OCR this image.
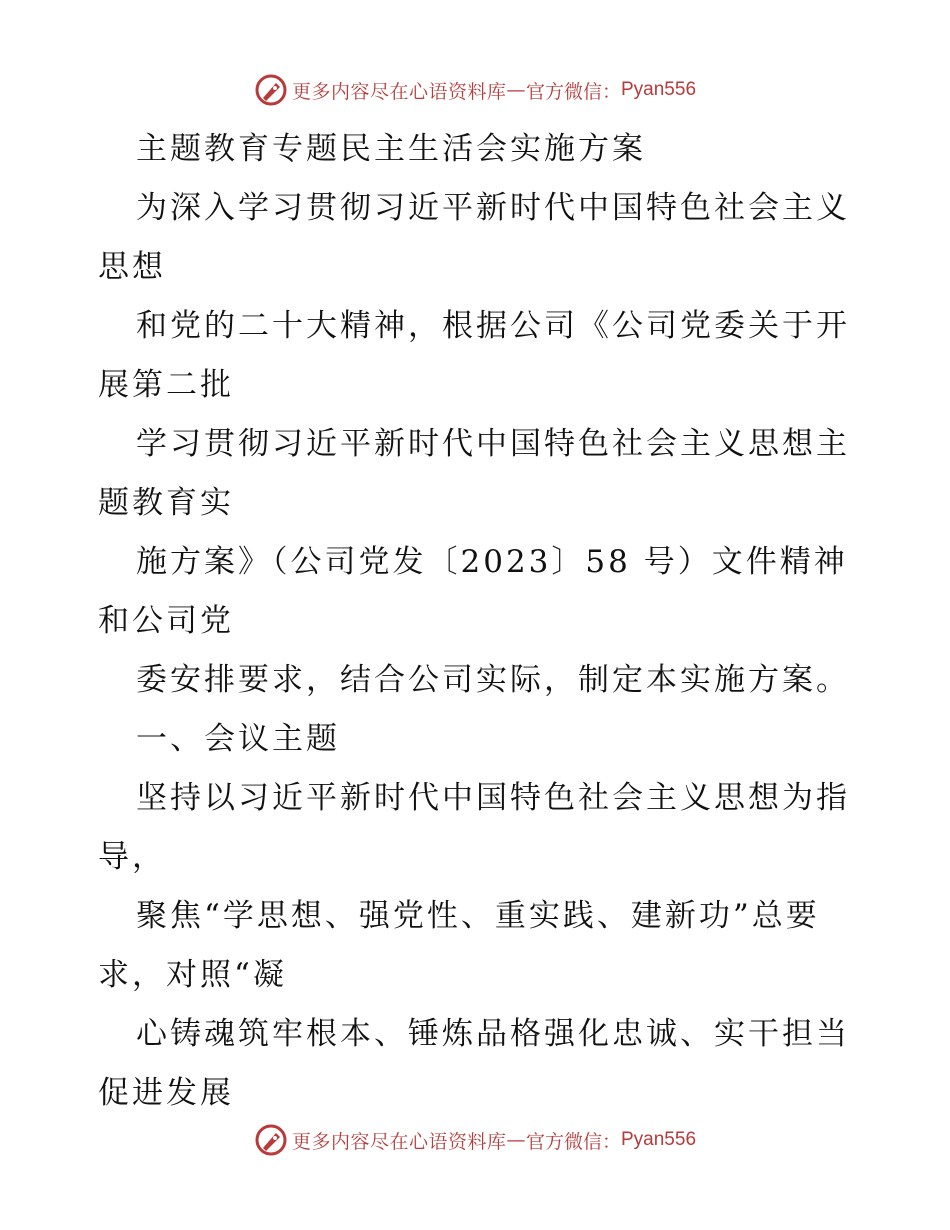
更多内容尽在心语资料库 — 官方微信： Pyan556
主题教育专题民主生活会实施方案
为深入学习贯彻习近平新时代中国特色社会主义
思想
和党的二十大精神，根据公司《公司党委关于开
展第二批
学习贯彻习近平新时代中国特色社会主义思想主
题教育实
施方案》（公司党发〔2023〕58 号）文件精神
和公司党
委安排要求，结合公司实际，制定本实施方案。
一、会议主题
坚持以习近平新时代中国特色社会主义思想为指
导，
聚焦“学思想、强党性、重实践、建新功”总要
求，对照“凝
心铸魂筑牢根本、锤炼品格强化忠诚、实干担当
促进发展
更多内容尽在心语资料库 — 官方微信： Pyan556
